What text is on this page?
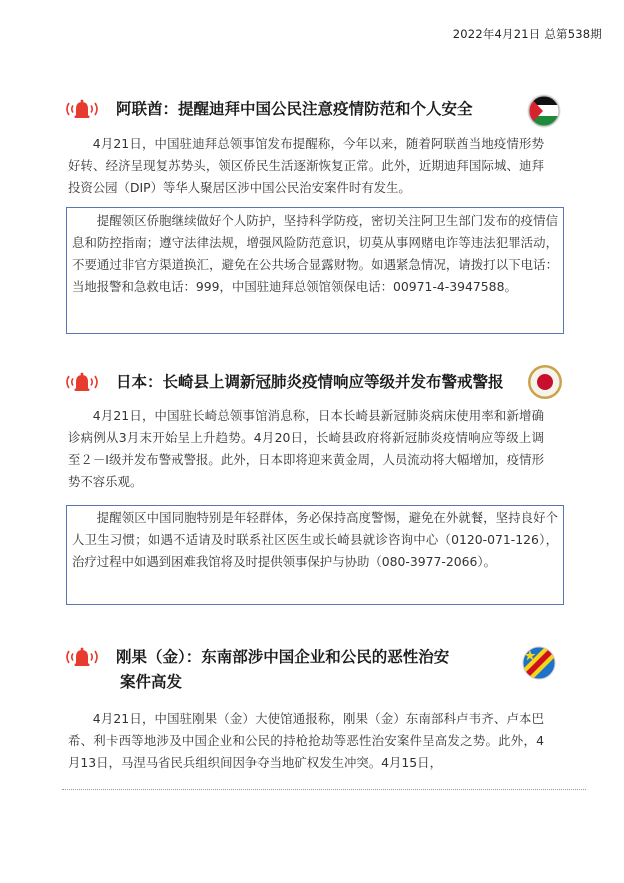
2022年4月21日 总第538期
阿联酋：提醒迪拜中国公民注意疫情防范和个人安全

4月21日，中国驻迪拜总领事馆发布提醒称，今年以来，随着阿联酋当地疫情形势好转、经济呈现复苏势头，领区侨民生活逐渐恢复正常。此外，近期迪拜国际城、迪拜投资公园（DIP）等华人聚居区涉中国公民治安案件时有发生。

提醒领区侨胞继续做好个人防护，坚持科学防疫，密切关注阿卫生部门发布的疫情信息和防控指南；遵守法律法规，增强风险防范意识，切莫从事网赌电诈等违法犯罪活动，不要通过非官方渠道换汇，避免在公共场合显露财物。如遇紧急情况，请拨打以下电话：当地报警和急救电话：999，中国驻迪拜总领馆领保电话：00971-4-3947588。

日本：长崎县上调新冠肺炎疫情响应等级并发布警戒警报

4月21日，中国驻长崎总领事馆消息称，日本长崎县新冠肺炎病床使用率和新增确诊病例从3月末开始呈上升趋势。4月20日，长崎县政府将新冠肺炎疫情响应等级上调至２－Ⅰ级并发布警戒警报。此外，日本即将迎来黄金周，人员流动将大幅增加，疫情形势不容乐观。

提醒领区中国同胞特别是年轻群体，务必保持高度警惕，避免在外就餐，坚持良好个人卫生习惯；如遇不适请及时联系社区医生或长崎县就诊咨询中心（0120-071-126），治疗过程中如遇到困难我馆将及时提供领事保护与协助（080-3977-2066）。

刚果（金）：东南部涉中国企业和公民的恶性治安
案件高发

4月21日，中国驻刚果（金）大使馆通报称，刚果（金）东南部科卢韦齐、卢本巴希、利卡西等地涉及中国企业和公民的持枪抢劫等恶性治安案件呈高发之势。此外，4月13日，马涅马省民兵组织间因争夺当地矿权发生冲突。4月15日，
